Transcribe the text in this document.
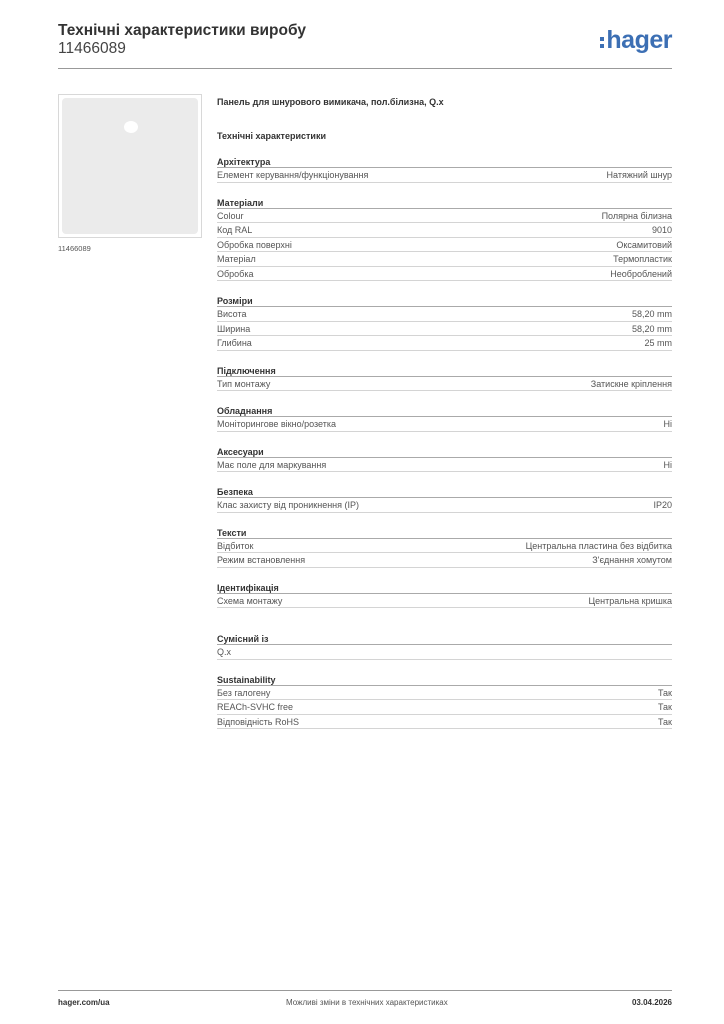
Технічні характеристики виробу
11466089	hager
11466089
Панель для шнурового вимикача, пол.білизна, Q.x
Технічні характеристики
Архітектура
Елемент керування/функціонування	Натяжний шнур
Матеріали
Colour	Полярна білизна
Код RAL	9010
Обробка поверхні	Оксамитовий
Матеріал	Термопластик
Обробка	Необроблений
Розміри
Висота	58,20 mm
Ширина	58,20 mm
Глибина	25 mm
Підключення
Тип монтажу	Затискне кріплення
Обладнання
Моніторингове вікно/розетка	Ні
Аксесуари
Має поле для маркування	Ні
Безпека
Клас захисту від проникнення (IP)	IP20
Тексти
Відбиток	Центральна пластина без відбитка
Режим встановлення	З'єднання хомутом
Ідентифікація
Схема монтажу	Центральна кришка
Сумісний із
Q.x
Sustainability
Без галогену	Так
REACh-SVHC free	Так
Відповідність RoHS	Так
hager.com/ua	Можливі зміни в технічних характеристиках	03.04.2026
